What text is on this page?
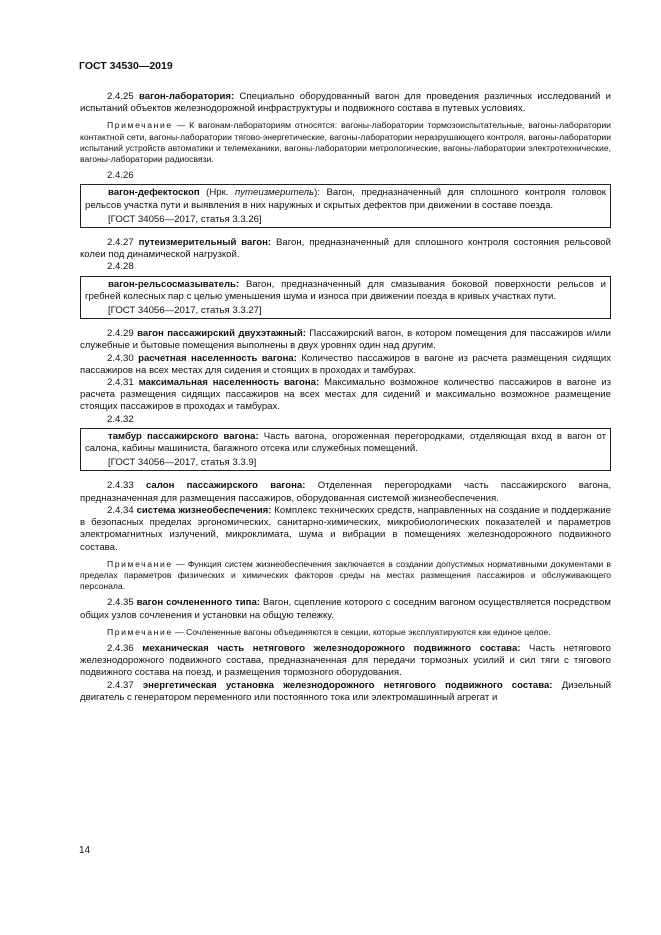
ГОСТ 34530—2019

2.4.25 вагон-лаборатория: Специально оборудованный вагон для проведения различных исследований и испытаний объектов железнодорожной инфраструктуры и подвижного состава в путевых условиях.

Примечание — К вагонам-лабораториям относятся: вагоны-лаборатории тормозоиспытательные, вагоны-лаборатории контактной сети, вагоны-лаборатории тягово-энергетические, вагоны-лаборатории неразрушающего контроля, вагоны-лаборатории испытаний устройств автоматики и телемеханики, вагоны-лаборатории метрологические, вагоны-лаборатории электротехнические, вагоны-лаборатории радиосвязи.

2.4.26

вагон-дефектоскоп (Нрк. путеизмеритель): Вагон, предназначенный для сплошного контроля головок рельсов участка пути и выявления в них наружных и скрытых дефектов при движении в составе поезда.

[ГОСТ 34056—2017, статья 3.3.26]

2.4.27 путеизмерительный вагон: Вагон, предназначенный для сплошного контроля состояния рельсовой колеи под динамической нагрузкой.

2.4.28

вагон-рельсосмазыватель: Вагон, предназначенный для смазывания боковой поверхности рельсов и гребней колесных пар с целью уменьшения шума и износа при движении поезда в кривых участках пути.

[ГОСТ 34056—2017, статья 3.3.27]

2.4.29 вагон пассажирский двухэтажный: Пассажирский вагон, в котором помещения для пассажиров и/или служебные и бытовые помещения выполнены в двух уровнях один над другим.

2.4.30 расчетная населенность вагона: Количество пассажиров в вагоне из расчета размещения сидящих пассажиров на всех местах для сидения и стоящих в проходах и тамбурах.

2.4.31 максимальная населенность вагона: Максимально возможное количество пассажиров в вагоне из расчета размещения сидящих пассажиров на всех местах для сидений и максимально возможное размещение стоящих пассажиров в проходах и тамбурах.

2.4.32

тамбур пассажирского вагона: Часть вагона, огороженная перегородками, отделяющая вход в вагон от салона, кабины машиниста, багажного отсека или служебных помещений.

[ГОСТ 34056—2017, статья 3.3.9]

2.4.33 салон пассажирского вагона: Отделенная перегородками часть пассажирского вагона, предназначенная для размещения пассажиров, оборудованная системой жизнеобеспечения.

2.4.34 система жизнеобеспечения: Комплекс технических средств, направленных на создание и поддержание в безопасных пределах эргономических, санитарно-химических, микробиологических показателей и параметров электромагнитных излучений, микроклимата, шума и вибрации в помещениях железнодорожного подвижного состава.

Примечание — Функция систем жизнеобеспечения заключается в создании допустимых нормативными документами в пределах параметров физических и химических факторов среды на местах размещения пассажиров и обслуживающего персонала.

2.4.35 вагон сочлененного типа: Вагон, сцепление которого с соседним вагоном осуществляется посредством общих узлов сочленения и установки на общую тележку.

Примечание — Сочлененные вагоны объединяются в секции, которые эксплуатируются как единое целое.

2.4.36 механическая часть нетягового железнодорожного подвижного состава: Часть нетягового железнодорожного подвижного состава, предназначенная для передачи тормозных усилий и сил тяги с тягового подвижного состава на поезд, и размещения тормозного оборудования.

2.4.37 энергетическая установка железнодорожного нетягового подвижного состава: Дизельный двигатель с генератором переменного или постоянного тока или электромашинный агрегат и

14
